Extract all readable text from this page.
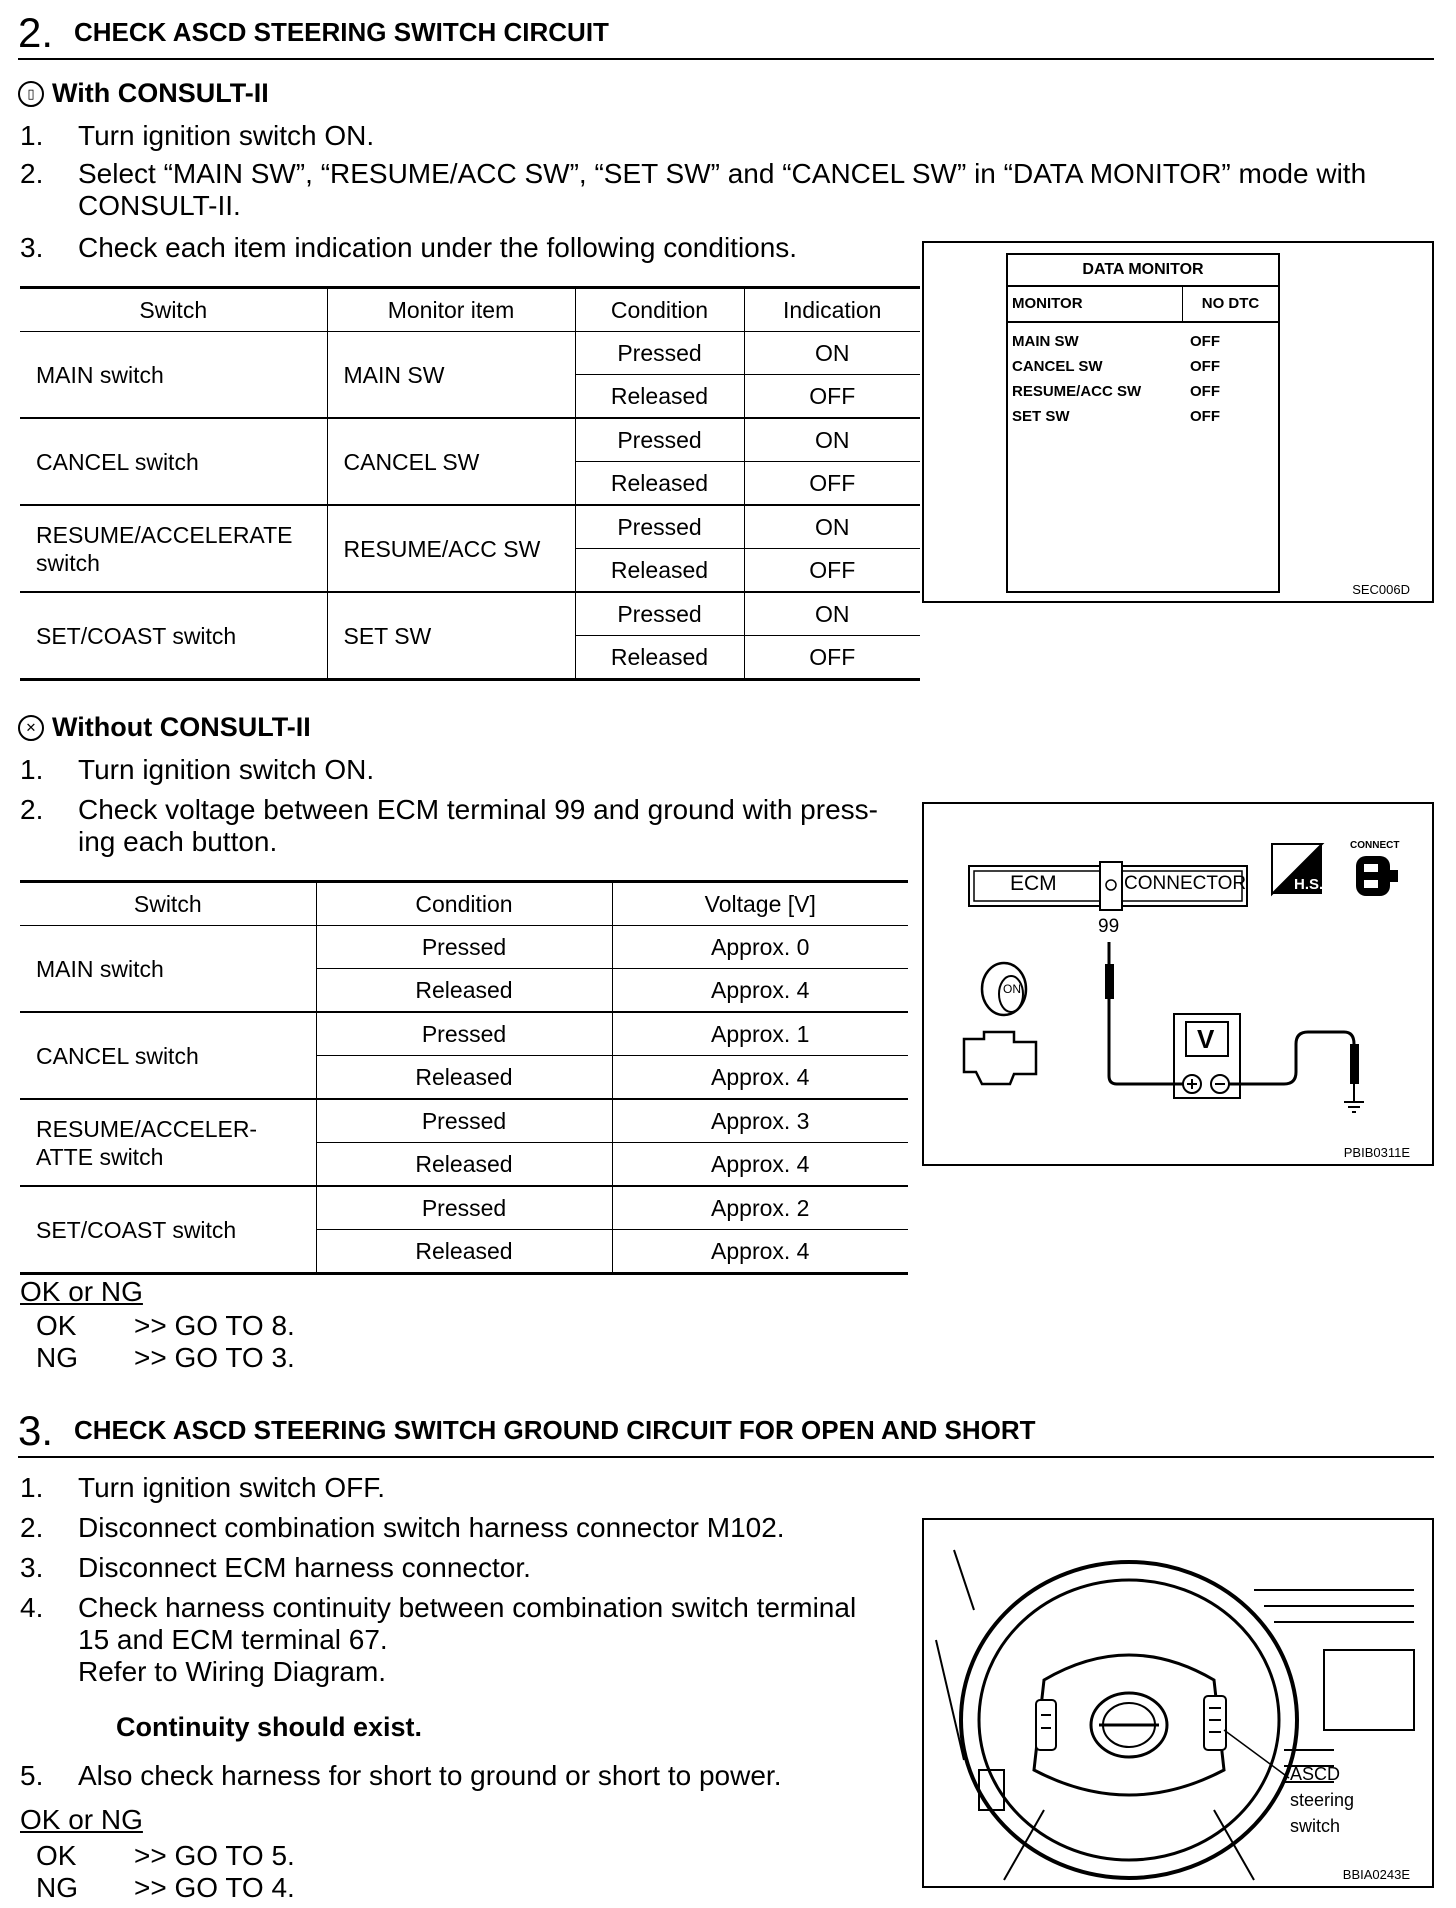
2. CHECK ASCD STEERING SWITCH CIRCUIT
▯ With CONSULT-II
1. Turn ignition switch ON.
2. Select “MAIN SW”, “RESUME/ACC SW”, “SET SW” and “CANCEL SW” in “DATA MONITOR” mode with
CONSULT-II.
3. Check each item indication under the following conditions.
Switch	Monitor item	Condition	Indication
MAIN switch	MAIN SW	Pressed	ON
		Released	OFF
CANCEL switch	CANCEL SW	Pressed	ON
		Released	OFF
RESUME/ACCELERATE
switch	RESUME/ACC SW	Pressed	ON
		Released	OFF
SET/COAST switch	SET SW	Pressed	ON
		Released	OFF
DATA MONITOR
MONITOR	NO DTC
MAIN SW	OFF
CANCEL SW	OFF
RESUME/ACC SW	OFF
SET SW	OFF
SEC006D
✕ Without CONSULT-II
1. Turn ignition switch ON.
2. Check voltage between ECM terminal 99 and ground with press-
ing each button.
Switch	Condition	Voltage [V]
MAIN switch	Pressed	Approx. 0
	Released	Approx. 4
CANCEL switch	Pressed	Approx. 1
	Released	Approx. 4
RESUME/ACCELER-
ATTE switch	Pressed	Approx. 3
	Released	Approx. 4
SET/COAST switch	Pressed	Approx. 2
	Released	Approx. 4
ECM	CONNECTOR
99
CONNECT
H.S.
ON
V
PBIB0311E
OK or NG
OK >> GO TO 8.
NG >> GO TO 3.
3. CHECK ASCD STEERING SWITCH GROUND CIRCUIT FOR OPEN AND SHORT
1. Turn ignition switch OFF.
2. Disconnect combination switch harness connector M102.
3. Disconnect ECM harness connector.
4. Check harness continuity between combination switch terminal
15 and ECM terminal 67.
Refer to Wiring Diagram.
Continuity should exist.
5. Also check harness for short to ground or short to power.	ASCD
steering
switch
BBIA0243E
OK or NG
OK >> GO TO 5.
NG >> GO TO 4.
